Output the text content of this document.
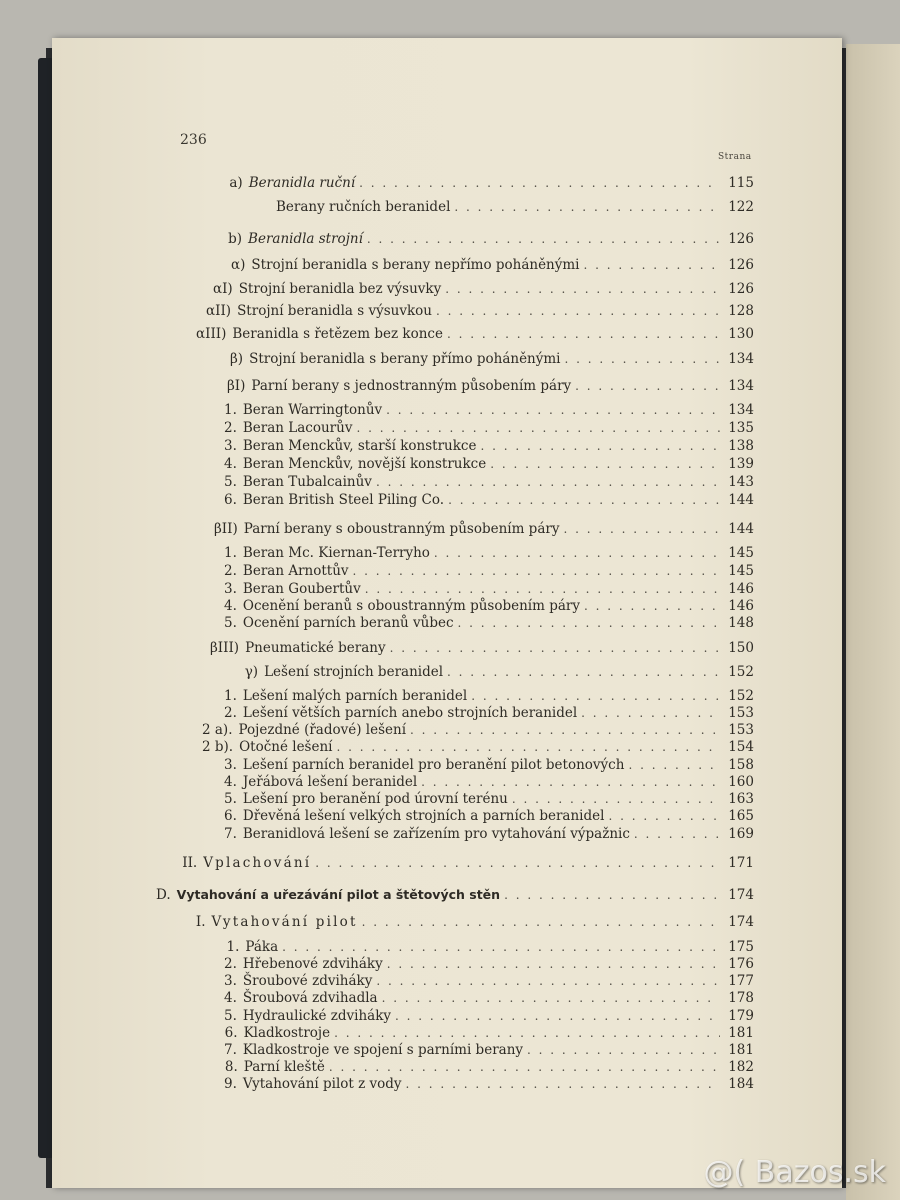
236
Strana
a) Beranidla ruční . . .	115
Berany ručních beranidel . . .	122
b) Beranidla strojní . . .	126
α) Strojní beranidla s berany nepřímo poháněnými . . .	126
αI) Strojní beranidla bez výsuvky . . .	126
αII) Strojní beranidla s výsuvkou . . .	128
αIII) Beranidla s řetězem bez konce . . .	130
β) Strojní beranidla s berany přímo poháněnými . . .	134
βI) Parní berany s jednostranným působením páry . . .	134
1. Beran Warringtonův . . .	134
2. Beran Lacourův . . .	135
3. Beran Menckův, starší konstrukce . . .	138
4. Beran Menckův, novější konstrukce . . .	139
5. Beran Tubalcainův . . .	143
6. Beran British Steel Piling Co. . . .	144
βII) Parní berany s oboustranným působením páry . . .	144
1. Beran Mc. Kiernan-Terryho . . .	145
2. Beran Arnottův . . .	145
3. Beran Goubertův . . .	146
4. Ocenění beranů s oboustranným působením páry . . .	146
5. Ocenění parních beranů vůbec . . .	148
βIII) Pneumatické berany . . .	150
γ) Lešení strojních beranidel . . .	152
1. Lešení malých parních beranidel . . .	152
2. Lešení větších parních anebo strojních beranidel . . .	153
2 a). Pojezdné (řadové) lešení . . .	153
2 b). Otočné lešení . . .	154
3. Lešení parních beranidel pro beranění pilot betonových . . .	158
4. Jeřábová lešení beranidel . . .	160
5. Lešení pro beranění pod úrovní terénu . . .	163
6. Dřevěná lešení velkých strojních a parních beranidel . . .	165
7. Beranidlová lešení se zařízením pro vytahování výpažnic . . .	169
II. Vplachování . . .	171
D. Vytahování a uřezávání pilot a štětových stěn . . .	174
I. Vytahování pilot . . .	174
1. Páka . . .	175
2. Hřebenové zdviháky . . .	176
3. Šroubové zdviháky . . .	177
4. Šroubová zdvihadla . . .	178
5. Hydraulické zdviháky . . .	179
6. Kladkostroje . . .	181
7. Kladkostroje ve spojení s parními berany . . .	181
8. Parní kleště . . .	182
9. Vytahování pilot z vody . . .	184
@( Bazos.sk
